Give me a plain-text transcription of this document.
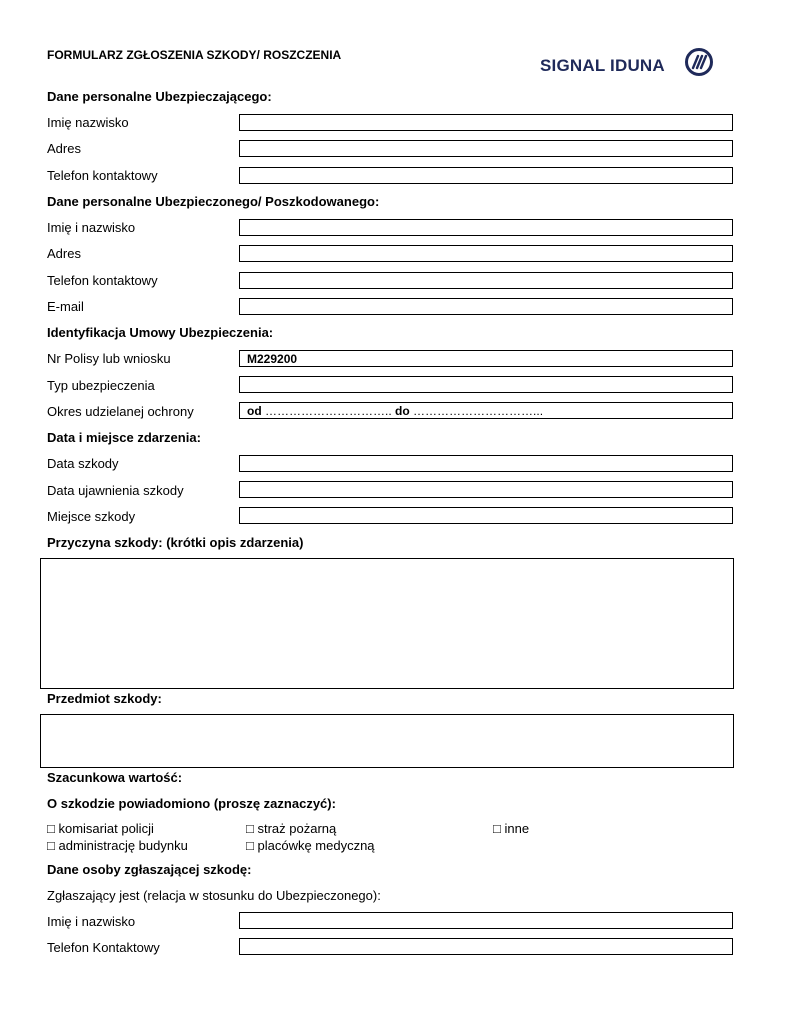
FORMULARZ ZGŁOSZENIA SZKODY/ ROSZCZENIA
SIGNAL IDUNA
Dane personalne Ubezpieczającego:
Imię nazwisko
Adres
Telefon kontaktowy
Dane personalne Ubezpieczonego/ Poszkodowanego:
Imię i nazwisko
Adres
Telefon kontaktowy
E-mail
Identyfikacja Umowy Ubezpieczenia:
Nr Polisy lub wniosku	M229200
Typ ubezpieczenia
Okres udzielanej ochrony	od ………………………….. do …………………………...
Data i miejsce zdarzenia:
Data szkody
Data ujawnienia szkody
Miejsce szkody
Przyczyna szkody: (krótki opis zdarzenia)
Przedmiot szkody:
Szacunkowa wartość:
O szkodzie powiadomiono (proszę zaznaczyć):
□ komisariat policji	□ straż pożarną	□ inne
□ administrację budynku	□ placówkę medyczną
Dane osoby zgłaszającej szkodę:
Zgłaszający jest (relacja w stosunku do Ubezpieczonego):
Imię i nazwisko
Telefon Kontaktowy
